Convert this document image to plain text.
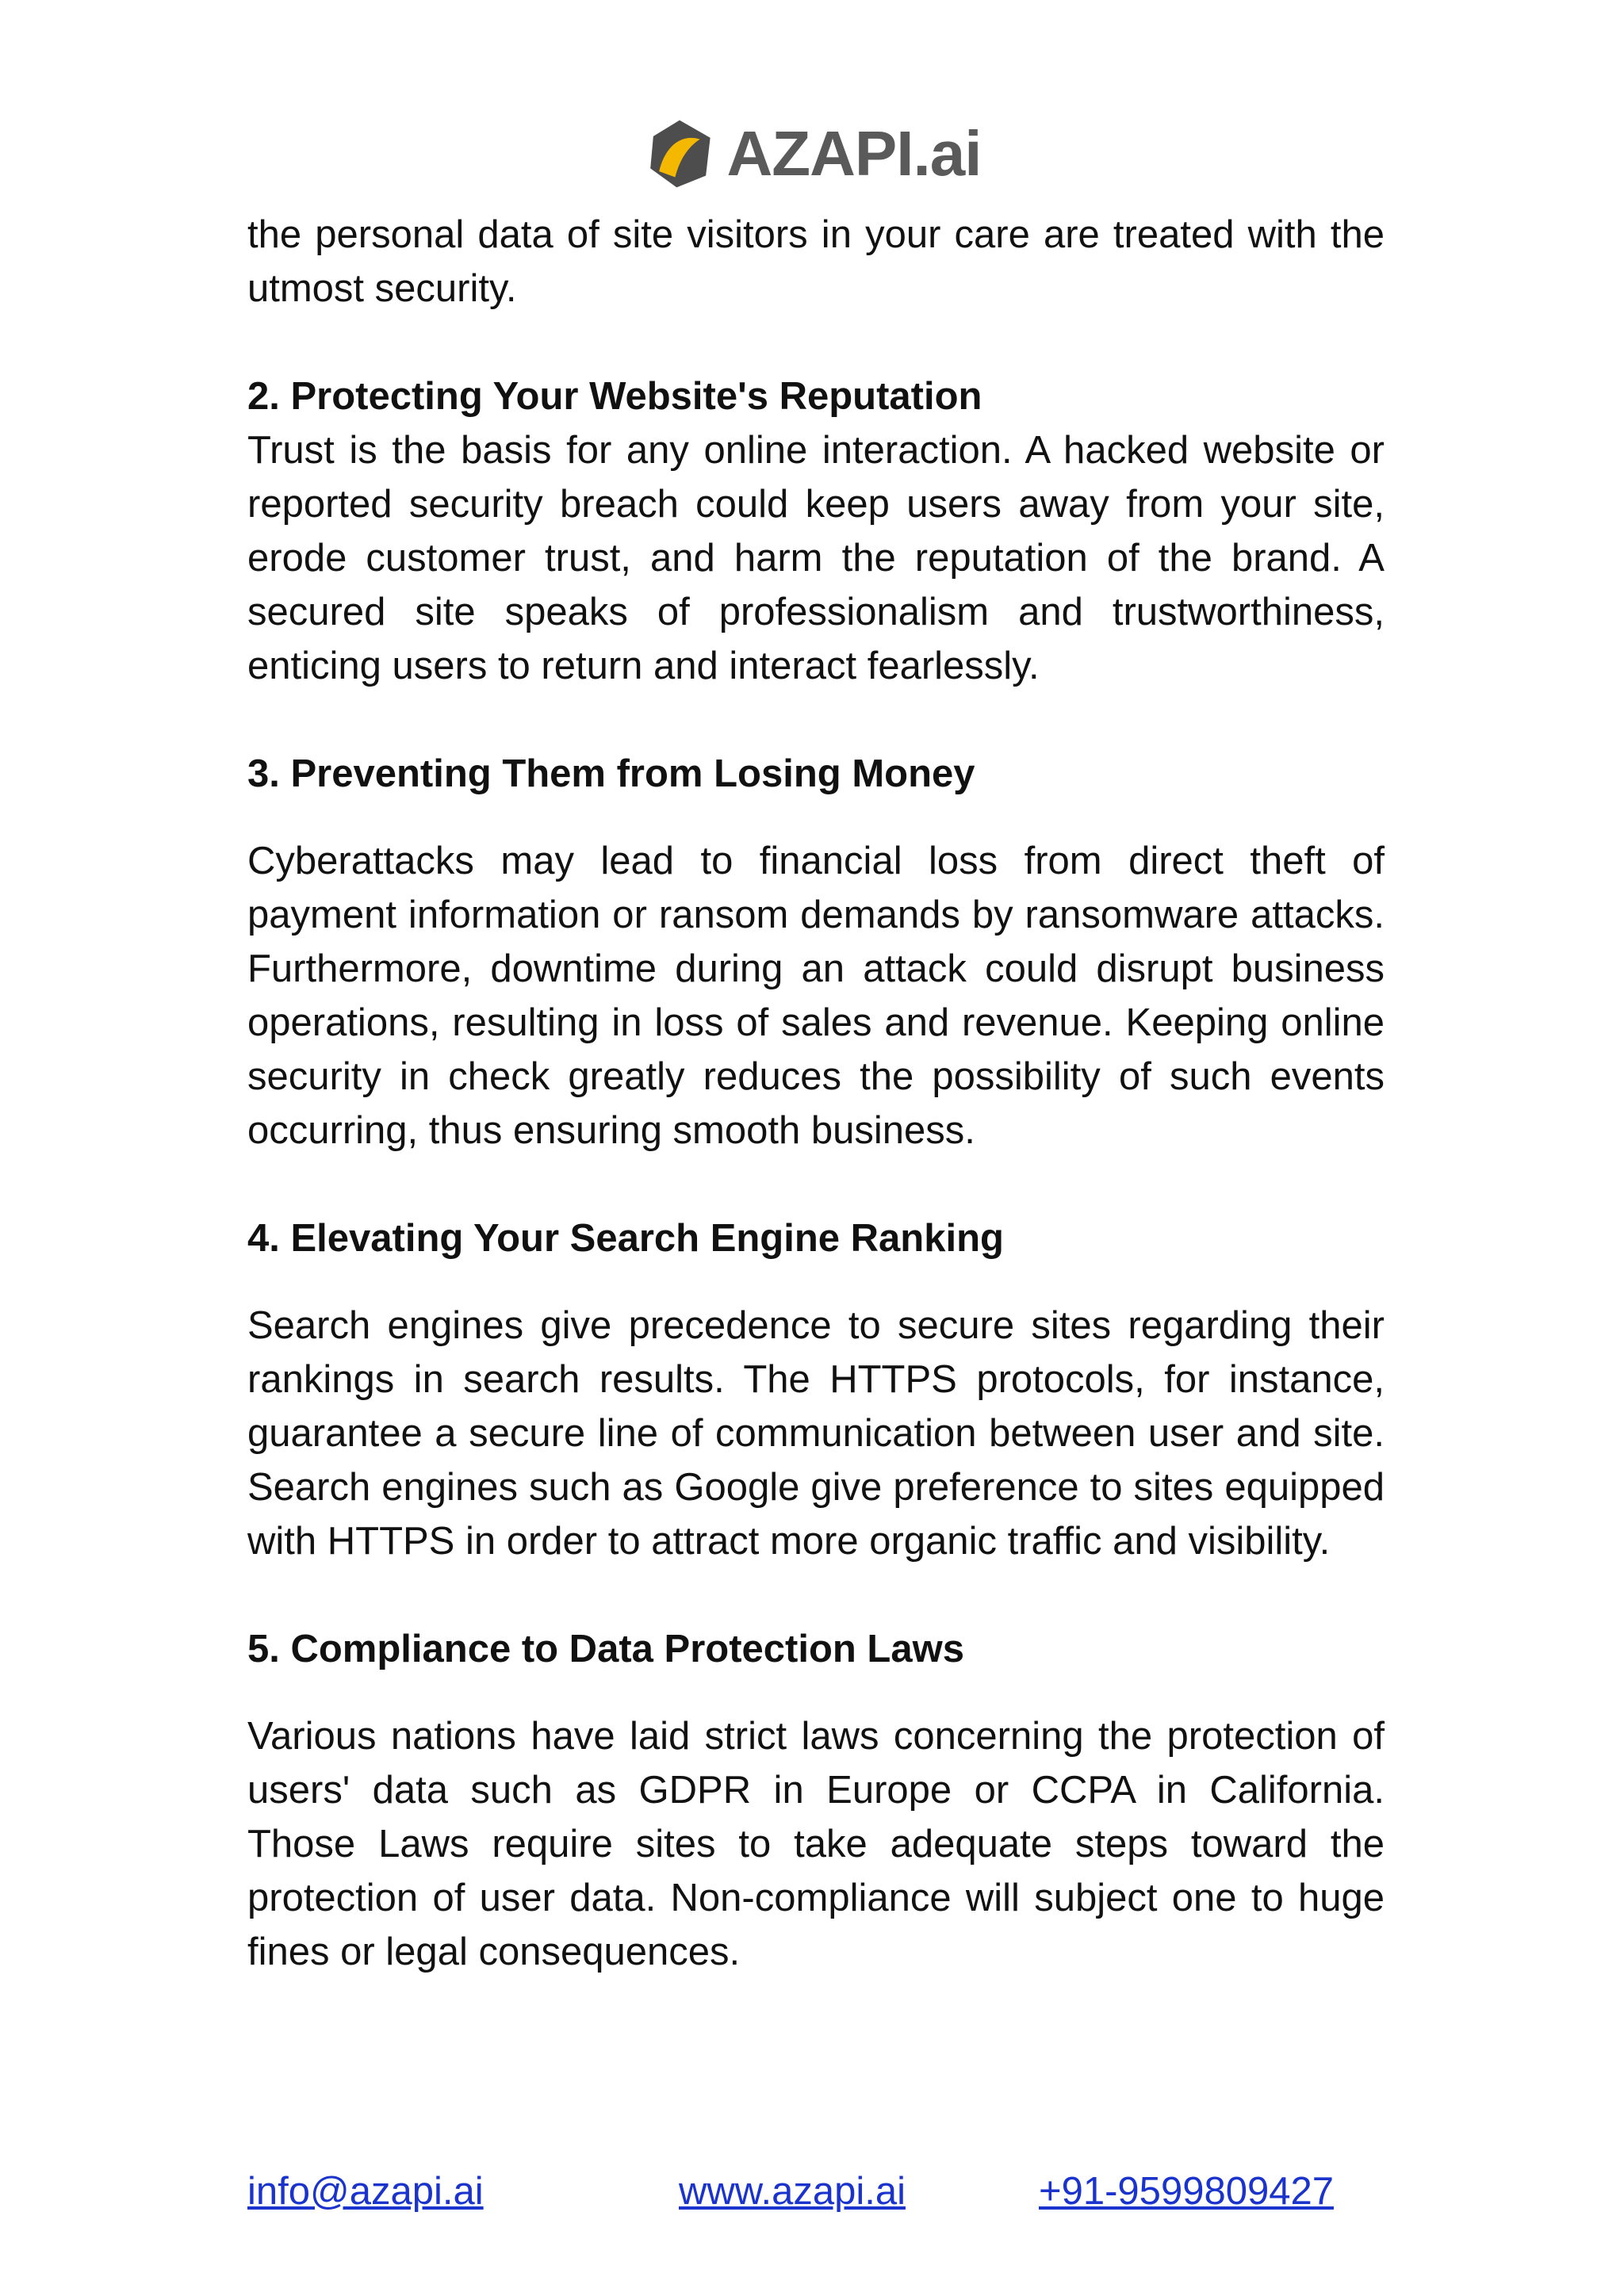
AZAPI.ai

the personal data of site visitors in your care are treated with the utmost security.

2. Protecting Your Website's Reputation

Trust is the basis for any online interaction. A hacked website or reported security breach could keep users away from your site, erode customer trust, and harm the reputation of the brand. A secured site speaks of professionalism and trustworthiness, enticing users to return and interact fearlessly.

3. Preventing Them from Losing Money

Cyberattacks may lead to financial loss from direct theft of payment information or ransom demands by ransomware attacks. Furthermore, downtime during an attack could disrupt business operations, resulting in loss of sales and revenue. Keeping online security in check greatly reduces the possibility of such events occurring, thus ensuring smooth business.

4. Elevating Your Search Engine Ranking

Search engines give precedence to secure sites regarding their rankings in search results. The HTTPS protocols, for instance, guarantee a secure line of communication between user and site. Search engines such as Google give preference to sites equipped with HTTPS in order to attract more organic traffic and visibility.

5. Compliance to Data Protection Laws

Various nations have laid strict laws concerning the protection of users' data such as GDPR in Europe or CCPA in California. Those Laws require sites to take adequate steps toward the protection of user data. Non-compliance will subject one to huge fines or legal consequences.

info@azapi.ai	www.azapi.ai	+91-9599809427
